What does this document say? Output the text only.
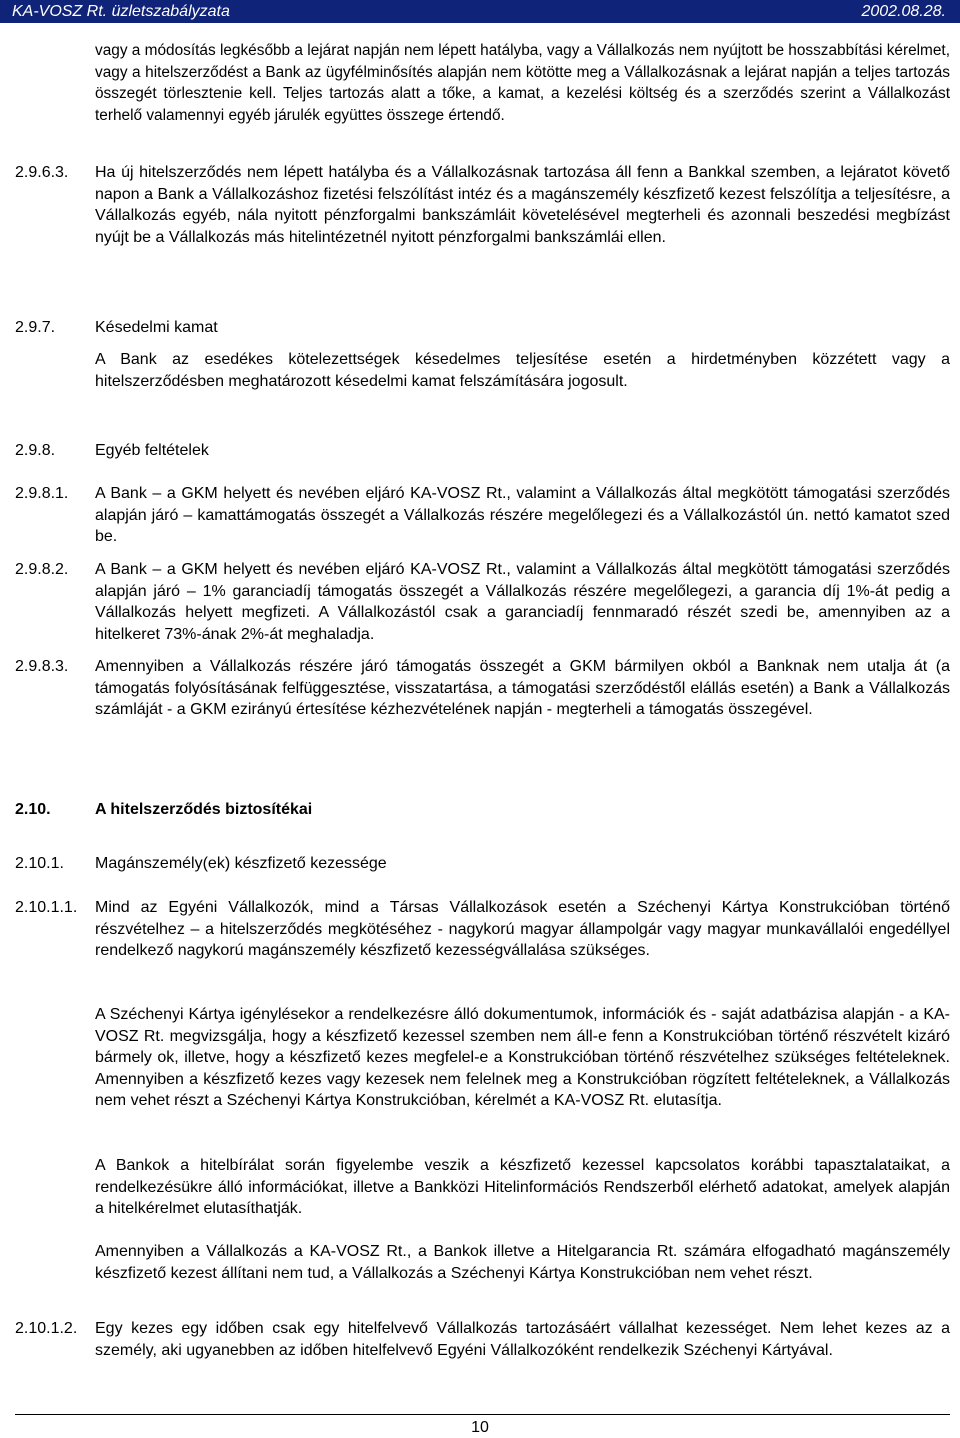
KA-VOSZ Rt. üzletszabályzata	2002.08.28.
vagy a módosítás legkésőbb a lejárat napján nem lépett hatályba, vagy a Vállalkozás nem nyújtott be hosszabbítási kérelmet, vagy a hitelszerződést a Bank az ügyfélminősítés alapján nem kötötte meg a Vállalkozásnak a lejárat napján a teljes tartozás összegét törlesztenie kell. Teljes tartozás alatt a tőke, a kamat, a kezelési költség és a szerződés szerint a Vállalkozást terhelő valamennyi egyéb járulék együttes összege értendő.
2.9.6.3. Ha új hitelszerződés nem lépett hatályba és a Vállalkozásnak tartozása áll fenn a Bankkal szemben, a lejáratot követő napon a Bank a Vállalkozáshoz fizetési felszólítást intéz és a magánszemély készfizető kezest felszólítja a teljesítésre, a Vállalkozás egyéb, nála nyitott pénzforgalmi bankszámláit követelésével megterheli és azonnali beszedési megbízást nyújt be a Vállalkozás más hitelintézetnél nyitott pénzforgalmi bankszámlái ellen.
2.9.7. Késedelmi kamat
A Bank az esedékes kötelezettségek késedelmes teljesítése esetén a hirdetményben közzétett vagy a hitelszerződésben meghatározott késedelmi kamat felszámítására jogosult.
2.9.8. Egyéb feltételek
2.9.8.1. A Bank – a GKM helyett és nevében eljáró KA-VOSZ Rt., valamint a Vállalkozás által megkötött támogatási szerződés alapján járó – kamattámogatás összegét a Vállalkozás részére megelőlegezi és a Vállalkozástól ún. nettó kamatot szed be.
2.9.8.2. A Bank – a GKM helyett és nevében eljáró KA-VOSZ Rt., valamint a Vállalkozás által megkötött támogatási szerződés alapján járó – 1% garanciadíj támogatás összegét a Vállalkozás részére megelőlegezi, a garancia díj 1%-át pedig a Vállalkozás helyett megfizeti. A Vállalkozástól csak a garanciadíj fennmaradó részét szedi be, amennyiben az a hitelkeret 73%-ának 2%-át meghaladja.
2.9.8.3. Amennyiben a Vállalkozás részére járó támogatás összegét a GKM bármilyen okból a Banknak nem utalja át (a támogatás folyósításának felfüggesztése, visszatartása, a támogatási szerződéstől elállás esetén) a Bank a Vállalkozás számláját - a GKM ezirányú értesítése kézhezvételének napján - megterheli a támogatás összegével.
2.10.	A hitelszerződés biztosítékai
2.10.1. Magánszemély(ek) készfizető kezessége
2.10.1.1. Mind az Egyéni Vállalkozók, mind a Társas Vállalkozások esetén a Széchenyi Kártya Konstrukcióban történő részvételhez – a hitelszerződés megkötéséhez - nagykorú magyar állampolgár vagy magyar munkavállalói engedéllyel rendelkező nagykorú magánszemély készfizető kezességvállalása szükséges.
A Széchenyi Kártya igénylésekor a rendelkezésre álló dokumentumok, információk és - saját adatbázisa alapján - a KA-VOSZ Rt. megvizsgálja, hogy a készfizető kezessel szemben nem áll-e fenn a Konstrukcióban történő részvételt kizáró bármely ok, illetve, hogy a készfizető kezes megfelel-e a Konstrukcióban történő részvételhez szükséges feltételeknek. Amennyiben a készfizető kezes vagy kezesek nem felelnek meg a Konstrukcióban rögzített feltételeknek, a Vállalkozás nem vehet részt a Széchenyi Kártya Konstrukcióban, kérelmét a KA-VOSZ Rt. elutasítja.
A Bankok a hitelbírálat során figyelembe veszik a készfizető kezessel kapcsolatos korábbi tapasztalataikat, a rendelkezésükre álló információkat, illetve a Bankközi Hitelinformációs Rendszerből elérhető adatokat, amelyek alapján a hitelkérelmet elutasíthatják.
Amennyiben a Vállalkozás a KA-VOSZ Rt., a Bankok illetve a Hitelgarancia Rt. számára elfogadható magánszemély készfizető kezest állítani nem tud, a Vállalkozás a Széchenyi Kártya Konstrukcióban nem vehet részt.
2.10.1.2. Egy kezes egy időben csak egy hitelfelvevő Vállalkozás tartozásáért vállalhat kezességet. Nem lehet kezes az a személy, aki ugyanebben az időben hitelfelvevő Egyéni Vállalkozóként rendelkezik Széchenyi Kártyával.
10
